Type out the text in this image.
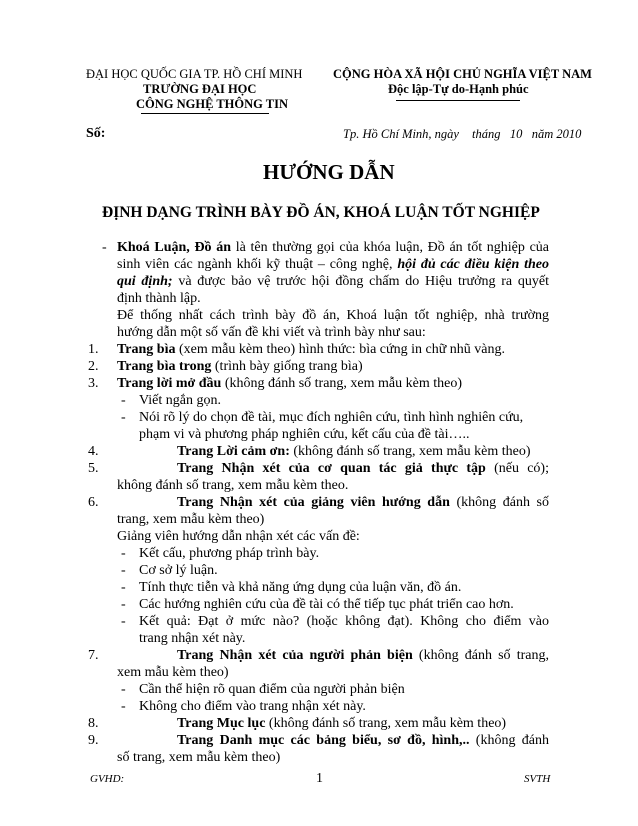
ĐẠI HỌC QUỐC GIA TP. HỒ CHÍ MINH
TRƯỜNG ĐẠI HỌC
CÔNG NGHỆ THÔNG TIN
CỘNG HÒA XÃ HỘI CHỦ NGHĨA VIỆT NAM
Độc lập-Tự do-Hạnh phúc
Số:	Tp. Hồ Chí Minh, ngày tháng   10   năm 2010
HƯỚNG DẪN
ĐỊNH DẠNG TRÌNH BÀY ĐỒ ÁN, KHOÁ LUẬN TỐT NGHIỆP
- Khoá Luận, Đồ án là tên thường gọi của khóa luận, Đồ án tốt nghiệp của
sinh viên các ngành khối kỹ thuật – công nghệ, hội đủ các điều kiện theo
qui định; và được bảo vệ trước hội đồng chấm do Hiệu trưởng ra quyết
định thành lập.
Để thống nhất cách trình bày đồ án, Khoá luận tốt nghiệp, nhà trường
hướng dẫn một số vấn đề khi viết và trình bày như sau:
1. Trang bìa (xem mẫu kèm theo) hình thức: bìa cứng in chữ nhũ vàng.
2. Trang bìa trong (trình bày giống trang bìa)
3. Trang lời mở đầu (không đánh số trang, xem mẫu kèm theo)
- Viết ngắn gọn.
- Nói rõ lý do chọn đề tài, mục đích nghiên cứu, tình hình nghiên cứu,
phạm vi và phương pháp nghiên cứu, kết cấu của đề tài…..
4.	Trang Lời cảm ơn: (không đánh số trang, xem mẫu kèm theo)
5.	Trang Nhận xét của cơ quan tác giả thực tập (nếu có);
không đánh số trang, xem mẫu kèm theo.
6.	Trang Nhận xét của giảng viên hướng dẫn (không đánh số
trang, xem mẫu kèm theo)
Giảng viên hướng dẫn nhận xét các vấn đề:
- Kết cấu, phương pháp trình bày.
- Cơ sở lý luận.
- Tính thực tiễn và khả năng ứng dụng của luận văn, đồ án.
- Các hướng nghiên cứu của đề tài có thể tiếp tục phát triển cao hơn.
- Kết quả: Đạt ở mức nào? (hoặc không đạt). Không cho điểm vào
trang nhận xét này.
7.	Trang Nhận xét của người phản biện (không đánh số trang,
xem mẫu kèm theo)
- Cần thể hiện rõ quan điểm của người phản biện
- Không cho điểm vào trang nhận xét này.
8.	Trang Mục lục (không đánh số trang, xem mẫu kèm theo)
9.	Trang Danh mục các bảng biểu, sơ đồ, hình,.. (không đánh
số trang, xem mẫu kèm theo)
GVHD:	1	SVTH
